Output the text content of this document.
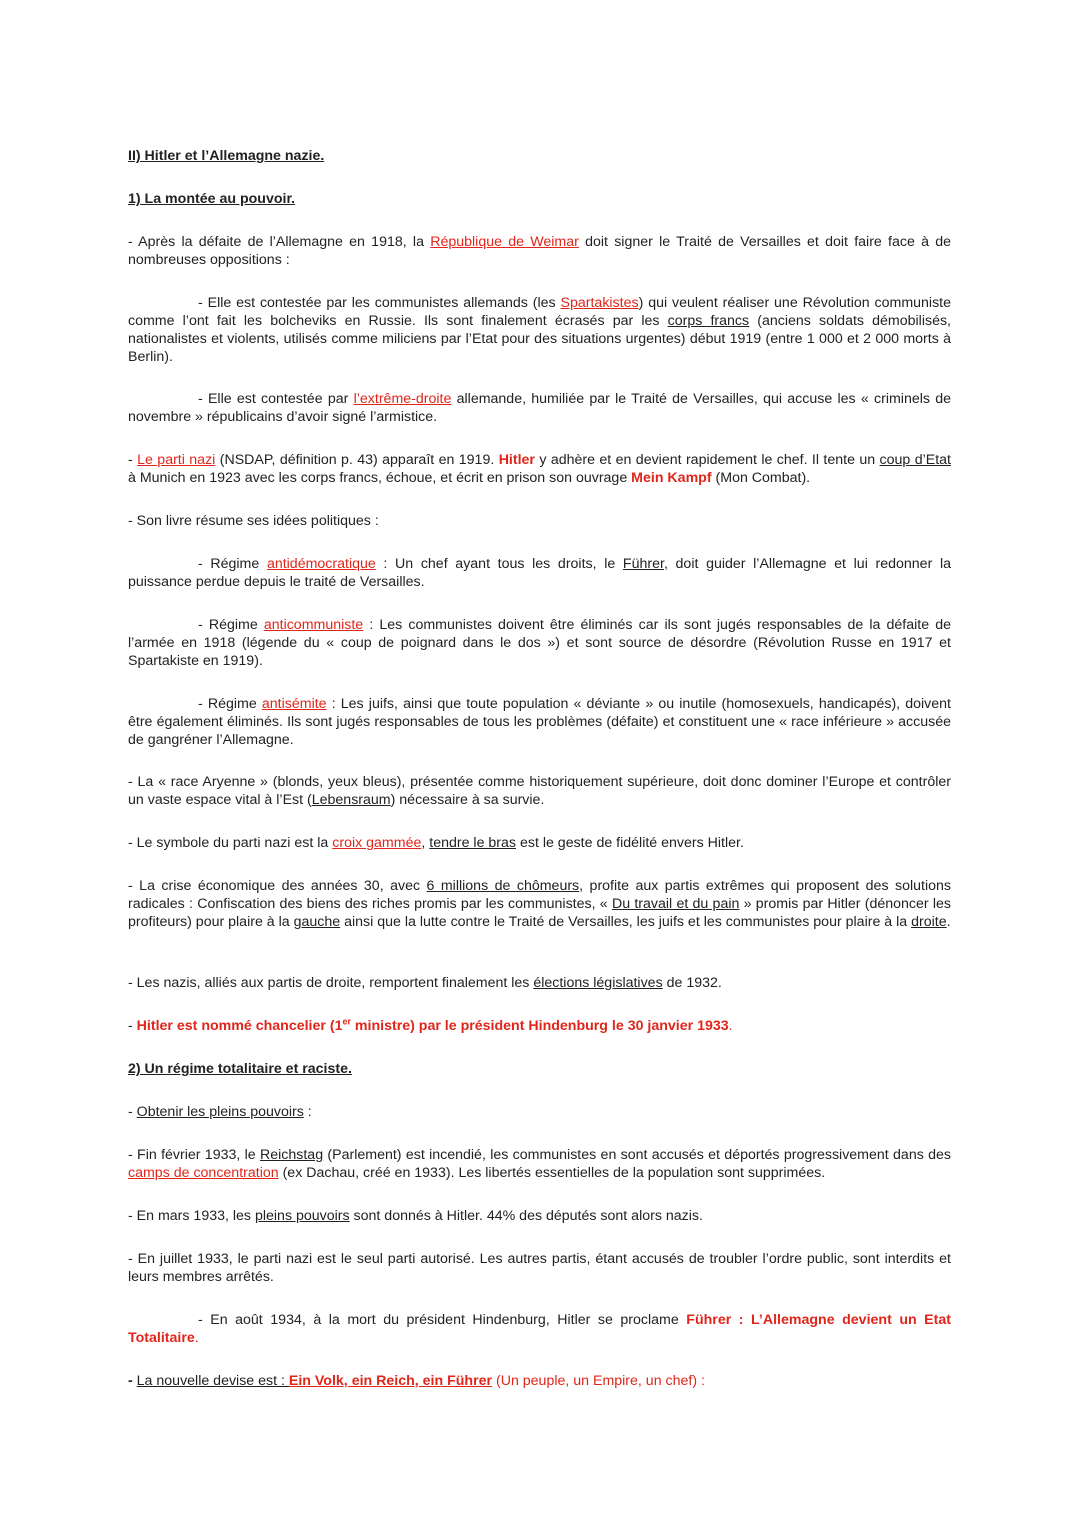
II) Hitler et l’Allemagne nazie.
1) La montée au pouvoir.
- Après la défaite de l’Allemagne en 1918, la République de Weimar doit signer le Traité de Versailles et doit faire face à de nombreuses oppositions :
- Elle est contestée par les communistes allemands (les Spartakistes) qui veulent réaliser une Révolution communiste comme l’ont fait les bolcheviks en Russie. Ils sont finalement écrasés par les corps francs (anciens soldats démobilisés, nationalistes et violents, utilisés comme miliciens par l’Etat pour des situations urgentes) début 1919 (entre 1 000 et 2 000 morts à Berlin).
- Elle est contestée par l’extrême-droite allemande, humiliée par le Traité de Versailles, qui accuse les « criminels de novembre » républicains d’avoir signé l’armistice.
- Le parti nazi (NSDAP, définition p. 43) apparaît en 1919. Hitler y adhère et en devient rapidement le chef. Il tente un coup d’Etat à Munich en 1923 avec les corps francs, échoue, et écrit en prison son ouvrage Mein Kampf (Mon Combat).
- Son livre résume ses idées politiques :
- Régime antidémocratique : Un chef ayant tous les droits, le Führer, doit guider l’Allemagne et lui redonner la puissance perdue depuis le traité de Versailles.
- Régime anticommuniste : Les communistes doivent être éliminés car ils sont jugés responsables de la défaite de l’armée en 1918 (légende du « coup de poignard dans le dos ») et sont source de désordre (Révolution Russe en 1917 et Spartakiste en 1919).
- Régime antisémite : Les juifs, ainsi que toute population « déviante » ou inutile (homosexuels, handicapés), doivent être également éliminés. Ils sont jugés responsables de tous les problèmes (défaite) et constituent une « race inférieure » accusée de gangréner l’Allemagne.
- La « race Aryenne » (blonds, yeux bleus), présentée comme historiquement supérieure, doit donc dominer l’Europe et contrôler un vaste espace vital à l’Est (Lebensraum) nécessaire à sa survie.
- Le symbole du parti nazi est la croix gammée, tendre le bras est le geste de fidélité envers Hitler.
- La crise économique des années 30, avec 6 millions de chômeurs, profite aux partis extrêmes qui proposent des solutions radicales : Confiscation des biens des riches promis par les communistes, « Du travail et du pain » promis par Hitler (dénoncer les profiteurs) pour plaire à la gauche ainsi que la lutte contre le Traité de Versailles, les juifs et les communistes pour plaire à la droite.
- Les nazis, alliés aux partis de droite, remportent finalement les élections législatives de 1932.
- Hitler est nommé chancelier (1er ministre) par le président Hindenburg le 30 janvier 1933.
2) Un régime totalitaire et raciste.
- Obtenir les pleins pouvoirs :
- Fin février 1933, le Reichstag (Parlement) est incendié, les communistes en sont accusés et déportés progressivement dans des camps de concentration (ex Dachau, créé en 1933). Les libertés essentielles de la population sont supprimées.
- En mars 1933, les pleins pouvoirs sont donnés à Hitler. 44% des députés sont alors nazis.
- En juillet 1933, le parti nazi est le seul parti autorisé. Les autres partis, étant accusés de troubler l’ordre public, sont interdits et leurs membres arrêtés.
- En août 1934, à la mort du président Hindenburg, Hitler se proclame Führer : L’Allemagne devient un Etat Totalitaire.
- La nouvelle devise est : Ein Volk, ein Reich, ein Führer (Un peuple, un Empire, un chef) :
